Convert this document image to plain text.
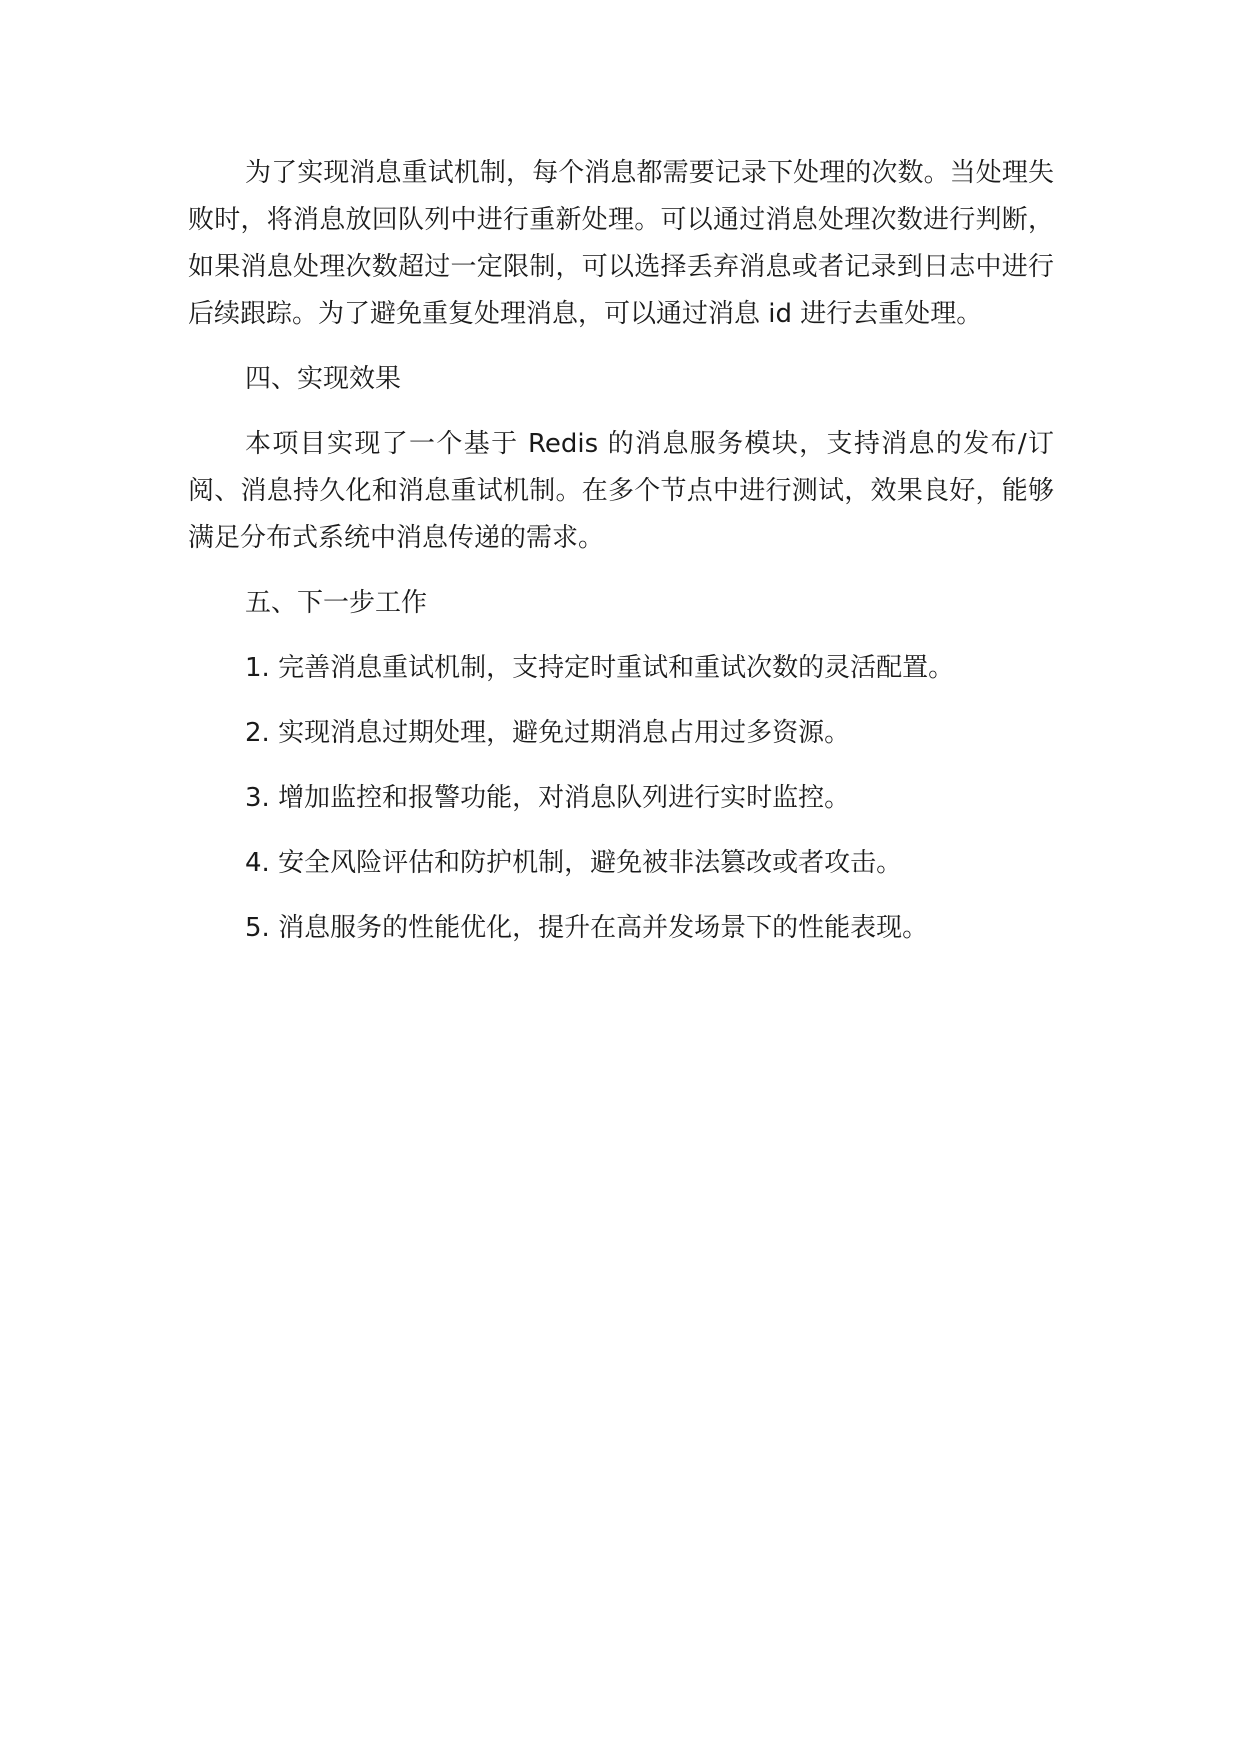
为了实现消息重试机制，每个消息都需要记录下处理的次数。当处理失败时，将消息放回队列中进行重新处理。可以通过消息处理次数进行判断，如果消息处理次数超过一定限制，可以选择丢弃消息或者记录到日志中进行后续跟踪。为了避免重复处理消息，可以通过消息 id 进行去重处理。

四、实现效果

本项目实现了一个基于 Redis 的消息服务模块，支持消息的发布/订阅、消息持久化和消息重试机制。在多个节点中进行测试，效果良好，能够满足分布式系统中消息传递的需求。

五、下一步工作

1. 完善消息重试机制，支持定时重试和重试次数的灵活配置。
2. 实现消息过期处理，避免过期消息占用过多资源。
3. 增加监控和报警功能，对消息队列进行实时监控。
4. 安全风险评估和防护机制，避免被非法篡改或者攻击。
5. 消息服务的性能优化，提升在高并发场景下的性能表现。
